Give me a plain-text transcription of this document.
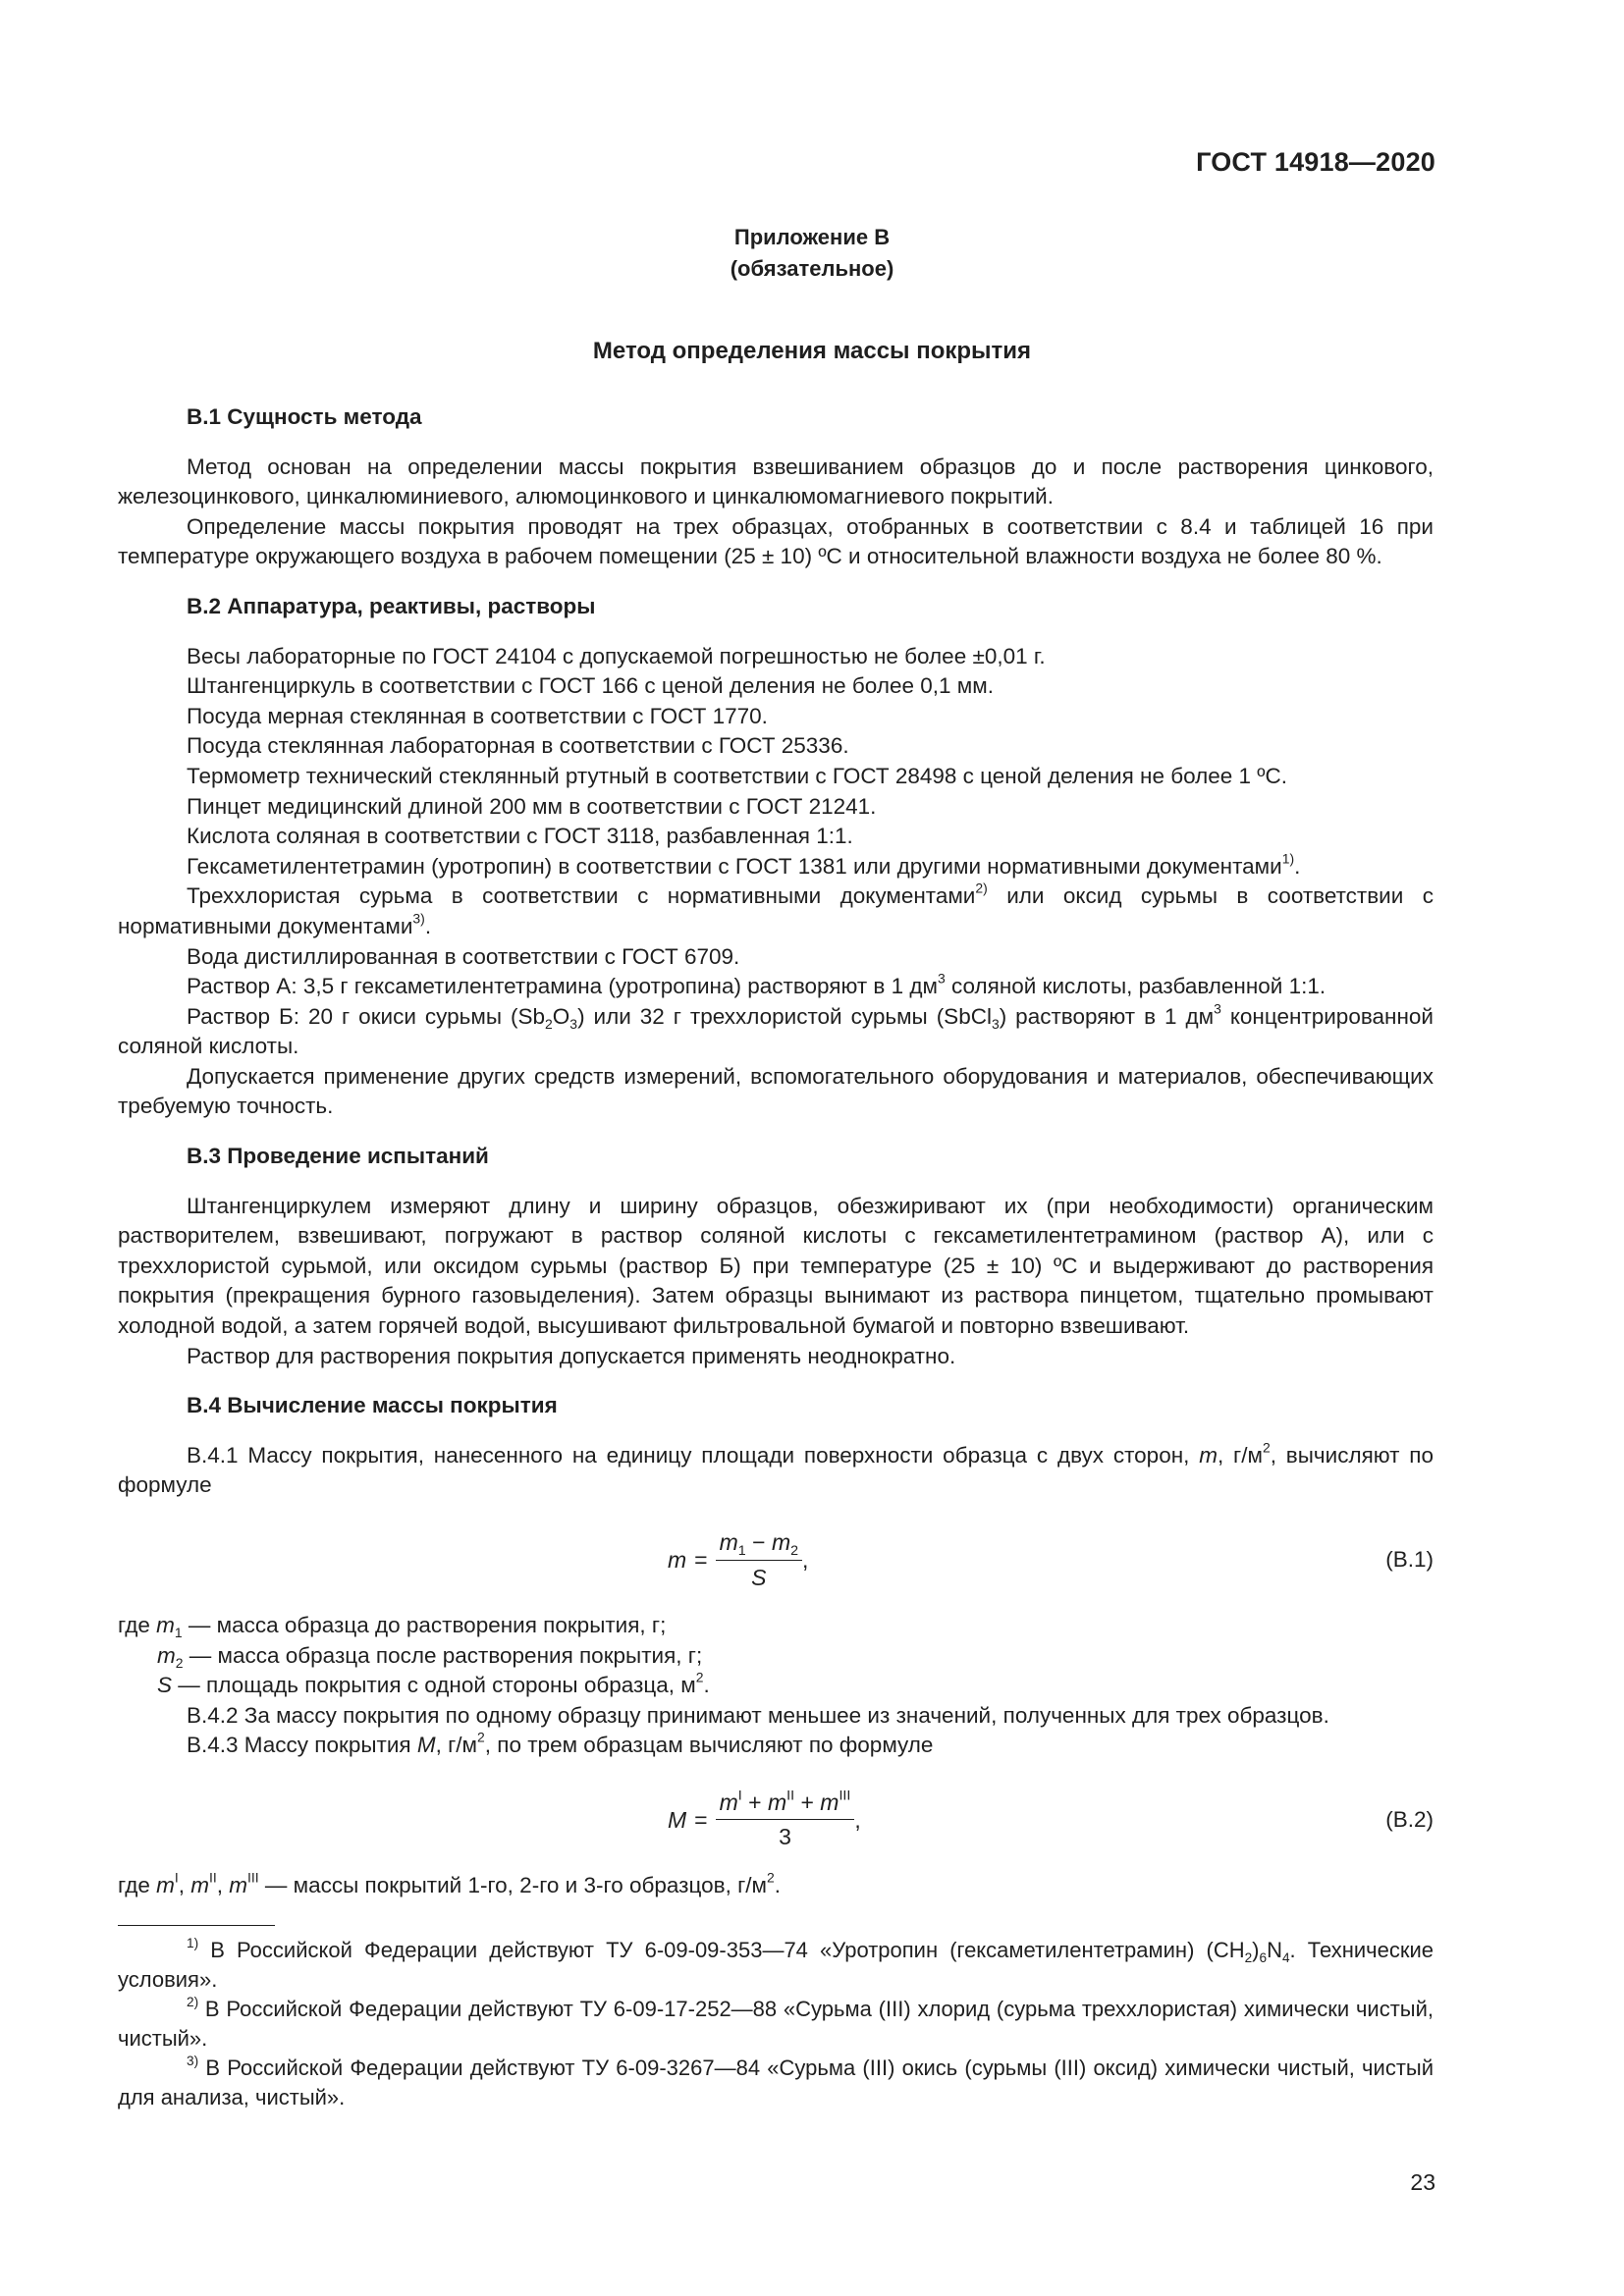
ГОСТ 14918—2020
Приложение В
(обязательное)
Метод определения массы покрытия
В.1 Сущность метода

Метод основан на определении массы покрытия взвешиванием образцов до и после растворения цинкового, железоцинкового, цинкалюминиевого, алюмоцинкового и цинкалюмомагниевого покрытий.

Определение массы покрытия проводят на трех образцах, отобранных в соответствии с 8.4 и таблицей 16 при температуре окружающего воздуха в рабочем помещении (25 ± 10) ºС и относительной влажности воздуха не более 80 %.

В.2 Аппаратура, реактивы, растворы

Весы лабораторные по ГОСТ 24104 с допускаемой погрешностью не более ±0,01 г.

Штангенциркуль в соответствии с ГОСТ 166 с ценой деления не более 0,1 мм.

Посуда мерная стеклянная в соответствии с ГОСТ 1770.

Посуда стеклянная лабораторная в соответствии с ГОСТ 25336.

Термометр технический стеклянный ртутный в соответствии с ГОСТ 28498 с ценой деления не более 1 ºС.

Пинцет медицинский длиной 200 мм в соответствии с ГОСТ 21241.

Кислота соляная в соответствии с ГОСТ 3118, разбавленная 1:1.

Гексаметилентетрамин (уротропин) в соответствии с ГОСТ 1381 или другими нормативными документами$^{1)}$.

Треххлористая сурьма в соответствии с нормативными документами$^{2)}$ или оксид сурьмы в соответствии с нормативными документами$^{3)}$.

Вода дистиллированная в соответствии с ГОСТ 6709.

Раствор А: 3,5 г гексаметилентетрамина (уротропина) растворяют в 1 $дм^3$ соляной кислоты, разбавленной 1:1.

Раствор Б: 20 г окиси сурьмы $(Sb_2O_3)$ или 32 г треххлористой сурьмы (SbCl$_3$) растворяют в 1 $дм^3$ концентрированной соляной кислоты.

Допускается применение других средств измерений, вспомогательного оборудования и материалов, обеспечивающих требуемую точность.

В.3 Проведение испытаний

Штангенциркулем измеряют длину и ширину образцов, обезжиривают их (при необходимости) органическим растворителем, взвешивают, погружают в раствор соляной кислоты с гексаметилентетрамином (раствор А), или с треххлористой сурьмой, или оксидом сурьмы (раствор Б) при температуре (25 ± 10) ºС и выдерживают до растворения покрытия (прекращения бурного газовыделения). Затем образцы вынимают из раствора пинцетом, тщательно промывают холодной водой, а затем горячей водой, высушивают фильтровальной бумагой и повторно взвешивают.

Раствор для растворения покрытия допускается применять неоднократно.

В.4 Вычисление массы покрытия

В.4.1 Массу покрытия, нанесенного на единицу площади поверхности образца с двух сторон, m, $г/м^2$, вычисляют по формуле

$m = \frac{m_1 - m_2}{S}$ ,	(В.1)

где $m_1$ — масса образца до растворения покрытия, г;

$m_2$ — масса образца после растворения покрытия, г;

S — площадь покрытия с одной стороны образца, $м^2$.

В.4.2 За массу покрытия по одному образцу принимают меньшее из значений, полученных для трех образцов.

В.4.3 Массу покрытия M, $г/м^2$, по трем образцам вычисляют по формуле

$M = \frac{m^I + m^{II} + m^{III}}{3}$ ,	(В.2)

где $m^I$, $m^{II}$, $m^{III}$ — массы покрытий 1-го, 2-го и 3-го образцов, $г/м^2$.

$^{1)}$ В Российской Федерации действуют ТУ 6-09-09-353—74 «Уротропин (гексаметилентетрамин) $(CH_2)_6N_4$. Технические условия».

$^{2)}$ В Российской Федерации действуют ТУ 6-09-17-252—88 «Сурьма (III) хлорид (сурьма треххлористая) химически чистый, чистый».

$^{3)}$ В Российской Федерации действуют ТУ 6-09-3267—84 «Сурьма (III) окись (сурьмы (III) оксид) химически чистый, чистый для анализа, чистый».

23
